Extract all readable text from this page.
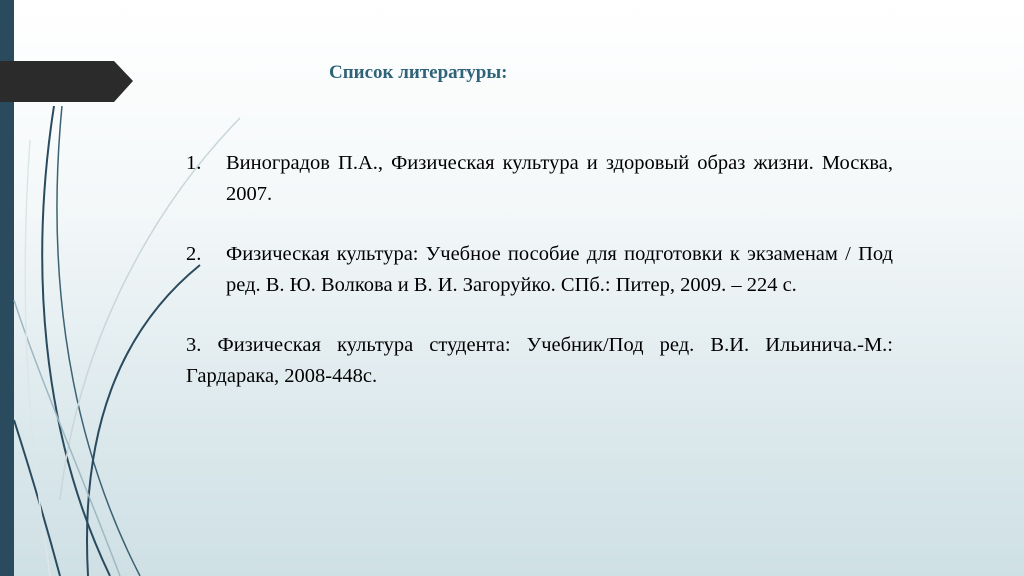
Список литературы:
1.	Виноградов П.А., Физическая культура и здоровый образ жизни. Москва, 2007.
2.	Физическая культура: Учебное пособие для подготовки к экзаменам / Под ред. В. Ю. Волкова и В. И. Загоруйко. СПб.: Питер, 2009. – 224 с.
3. Физическая культура студента: Учебник/Под ред. В.И. Ильинича.-М.: Гардарака, 2008-448с.
